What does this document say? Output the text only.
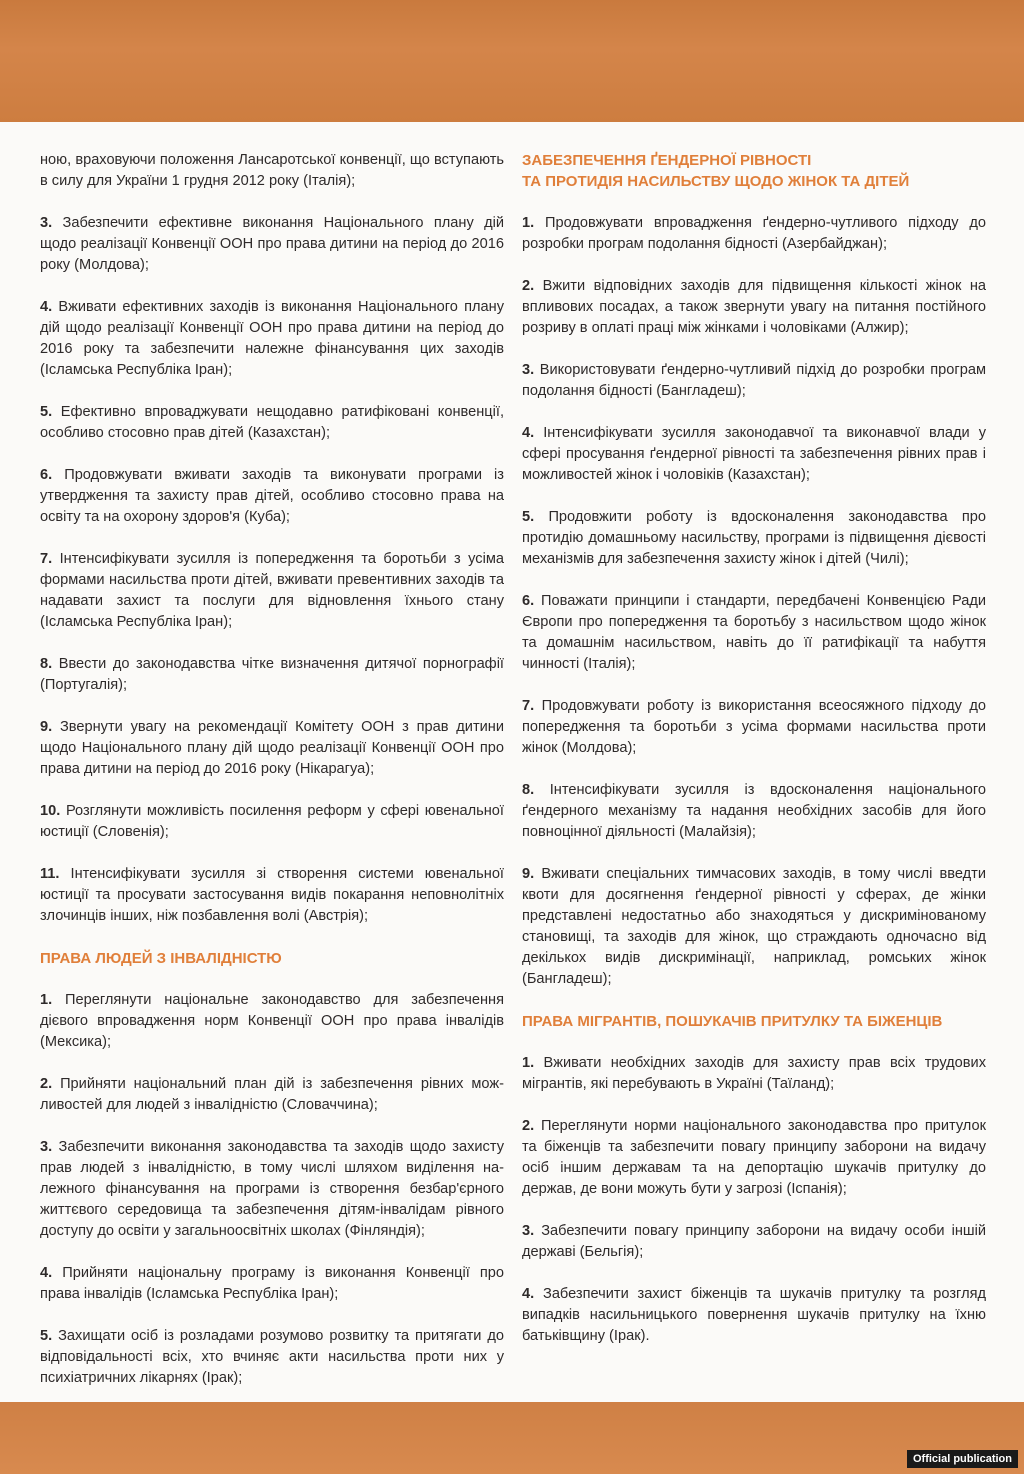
ною, враховуючи положення Лансаротської конвенції, що вступають в силу для України 1 грудня 2012 року (Італія);

3. Забезпечити ефективне виконання Національного плану дій щодо реалізації Конвенції ООН про права дитини на період до 2016 року (Молдова);

4. Вживати ефективних заходів із виконання Національного плану дій щодо реалізації Конвенції ООН про права дитини на період до 2016 року та забезпечити належне фінансування цих заходів (Ісламська Республіка Іран);

5. Ефективно впроваджувати нещодавно ратифіковані конвенції, особливо стосовно прав дітей (Казахстан);

6. Продовжувати вживати заходів та виконувати програми із утвердження та захисту прав дітей, особливо стосовно права на освіту та на охорону здоров'я (Куба);

7. Інтенсифікувати зусилля із попередження та боротьби з усіма формами насильства проти дітей, вживати превентивних заходів та надавати захист та послуги для відновлення їхнього стану (Ісламська Республіка Іран);

8. Ввести до законодавства чітке визначення дитячої порнографії (Португалія);

9. Звернути увагу на рекомендації Комітету ООН з прав дитини щодо Національного плану дій щодо реалізації Конвенції ООН про права дитини на період до 2016 року (Нікарагуа);

10. Розглянути можливість посилення реформ у сфері ювенальної юстиції (Словенія);

11. Інтенсифікувати зусилля зі створення системи ювенальної юстиції та просувати застосування видів покарання неповнолітніх злочинців інших, ніж позбавлення волі (Австрія);

ПРАВА ЛЮДЕЙ З ІНВАЛІДНІСТЮ

1. Переглянути національне законодавство для забезпечення дієвого впровадження норм Конвенції ООН про права інвалідів (Мексика);

2. Прийняти національний план дій із забезпечення рівних можливостей для людей з інвалідністю (Словаччина);

3. Забезпечити виконання законодавства та заходів щодо захисту прав людей з інвалідністю, в тому числі шляхом виділення належного фінансування на програми із створення безбар'єрного життєвого середовища та забезпечення дітям-інвалідам рівного доступу до освіти у загальноосвітніх школах (Фінляндія);

4. Прийняти національну програму із виконання Конвенції про права інвалідів (Ісламська Республіка Іран);

5. Захищати осіб із розладами розумово розвитку та притягати до відповідальності всіх, хто вчиняє акти насильства проти них у психіатричних лікарнях (Ірак);

ЗАБЕЗПЕЧЕННЯ ҐЕНДЕРНОЇ РІВНОСТІ
ТА ПРОТИДІЯ НАСИЛЬСТВУ ЩОДО ЖІНОК ТА ДІТЕЙ

1. Продовжувати впровадження ґендерно-чутливого підходу до розробки програм подолання бідності (Азербайджан);

2. Вжити відповідних заходів для підвищення кількості жінок на впливових посадах, а також звернути увагу на питання постійного розриву в оплаті праці між жінками і чоловіками (Алжир);

3. Використовувати ґендерно-чутливий підхід до розробки програм подолання бідності (Бангладеш);

4. Інтенсифікувати зусилля законодавчої та виконавчої влади у сфері просування ґендерної рівності та забезпечення рівних прав і можливостей жінок і чоловіків (Казахстан);

5. Продовжити роботу із вдосконалення законодавства про протидію домашньому насильству, програми із підвищення дієвості механізмів для забезпечення захисту жінок і дітей (Чилі);

6. Поважати принципи і стандарти, передбачені Конвенцією Ради Європи про попередження та боротьбу з насильством щодо жінок та домашнім насильством, навіть до її ратифікації та набуття чинності (Італія);

7. Продовжувати роботу із використання всеосяжного підходу до попередження та боротьби з усіма формами насильства проти жінок (Молдова);

8. Інтенсифікувати зусилля із вдосконалення національного ґендерного механізму та надання необхідних засобів для його повноцінної діяльності (Малайзія);

9. Вживати спеціальних тимчасових заходів, в тому числі введти квоти для досягнення ґендерної рівності у сферах, де жінки представлені недостатньо або знаходяться у дискримінованому становищі, та заходів для жінок, що страждають одночасно від декількох видів дискримінації, наприклад, ромських жінок (Бангладеш);

ПРАВА МІГРАНТІВ, ПОШУКАЧІВ ПРИТУЛКУ ТА БІЖЕНЦІВ

1. Вживати необхідних заходів для захисту прав всіх трудових мігрантів, які перебувають в Україні (Таїланд);

2. Переглянути норми національного законодавства про притулок та біженців та забезпечити повагу принципу заборони на видачу осіб іншим державам та на депортацію шукачів притулку до держав, де вони можуть бути у загрозі (Іспанія);

3. Забезпечити повагу принципу заборони на видачу особи іншій державі (Бельгія);

4. Забезпечити захист біженців та шукачів притулку та розгляд випадків насильницького повернення шукачів притулку на їхню батьківщину (Ірак).

Official publication
